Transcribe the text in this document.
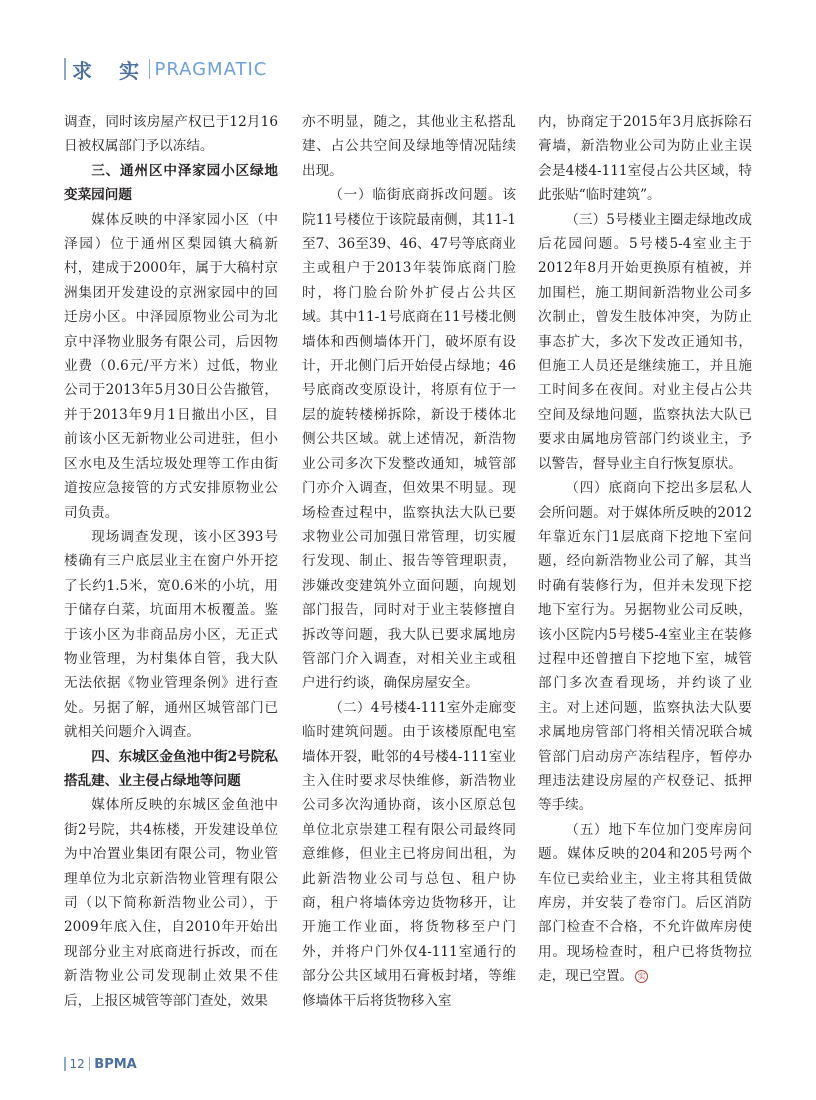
求 实 PRAGMATIC

调查，同时该房屋产权已于12月16日被权属部门予以冻结。

三、通州区中泽家园小区绿地变菜园问题

媒体反映的中泽家园小区（中泽园）位于通州区梨园镇大稿新村，建成于2000年，属于大稿村京洲集团开发建设的京洲家园中的回迁房小区。中泽园原物业公司为北京中泽物业服务有限公司，后因物业费（0.6元/平方米）过低，物业公司于2013年5月30日公告撤管，并于2013年9月1日撤出小区，目前该小区无新物业公司进驻，但小区水电及生活垃圾处理等工作由街道按应急接管的方式安排原物业公司负责。

现场调查发现，该小区393号楼确有三户底层业主在窗户外开挖了长约1.5米，宽0.6米的小坑，用于储存白菜，坑面用木板覆盖。鉴于该小区为非商品房小区，无正式物业管理，为村集体自管，我大队无法依据《物业管理条例》进行查处。另据了解，通州区城管部门已就相关问题介入调查。

四、东城区金鱼池中街2号院私搭乱建、业主侵占绿地等问题

媒体所反映的东城区金鱼池中街2号院，共4栋楼，开发建设单位为中冶置业集团有限公司，物业管理单位为北京新浩物业管理有限公司（以下简称新浩物业公司），于2009年底入住，自2010年开始出现部分业主对底商进行拆改，而在新浩物业公司发现制止效果不佳后，上报区城管等部门查处，效果

亦不明显，随之，其他业主私搭乱建、占公共空间及绿地等情况陆续出现。

（一）临街底商拆改问题。该院11号楼位于该院最南侧，其11-1至7、36至39、46、47号等底商业主或租户于2013年装饰底商门脸时，将门脸台阶外扩侵占公共区域。其中11-1号底商在11号楼北侧墙体和西侧墙体开门，破坏原有设计，开北侧门后开始侵占绿地；46号底商改变原设计，将原有位于一层的旋转楼梯拆除，新设于楼体北侧公共区域。就上述情况，新浩物业公司多次下发整改通知，城管部门亦介入调查，但效果不明显。现场检查过程中，监察执法大队已要求物业公司加强日常管理，切实履行发现、制止、报告等管理职责，涉嫌改变建筑外立面问题，向规划部门报告，同时对于业主装修擅自拆改等问题，我大队已要求属地房管部门介入调查，对相关业主或租户进行约谈，确保房屋安全。

（二）4号楼4-111室外走廊变临时建筑问题。由于该楼原配电室墙体开裂，毗邻的4号楼4-111室业主入住时要求尽快维修，新浩物业公司多次沟通协商，该小区原总包单位北京崇建工程有限公司最终同意维修，但业主已将房间出租，为此新浩物业公司与总包、租户协商，租户将墙体旁边货物移开，让开施工作业面，将货物移至户门外，并将户门外仅4-111室通行的部分公共区域用石膏板封堵，等维修墙体干后将货物移入室

内，协商定于2015年3月底拆除石膏墙，新浩物业公司为防止业主误会是4楼4-111室侵占公共区域，特此张贴“临时建筑”。

（三）5号楼业主圈走绿地改成后花园问题。5号楼5-4室业主于2012年8月开始更换原有植被，并加围栏，施工期间新浩物业公司多次制止，曾发生肢体冲突，为防止事态扩大，多次下发改正通知书，但施工人员还是继续施工，并且施工时间多在夜间。对业主侵占公共空间及绿地问题，监察执法大队已要求由属地房管部门约谈业主，予以警告，督导业主自行恢复原状。

（四）底商向下挖出多层私人会所问题。对于媒体所反映的2012年靠近东门1层底商下挖地下室问题，经向新浩物业公司了解，其当时确有装修行为，但并未发现下挖地下室行为。另据物业公司反映，该小区院内5号楼5-4室业主在装修过程中还曾擅自下挖地下室，城管部门多次查看现场，并约谈了业主。对上述问题，监察执法大队要求属地房管部门将相关情况联合城管部门启动房产冻结程序，暂停办理违法建设房屋的产权登记、抵押等手续。

（五）地下车位加门变库房问题。媒体反映的204和205号两个车位已卖给业主，业主将其租赁做库房，并安装了卷帘门。后区消防部门检查不合格，不允许做库房使用。现场检查时，租户已将货物拉走，现已空置。 实

12 BPMA
